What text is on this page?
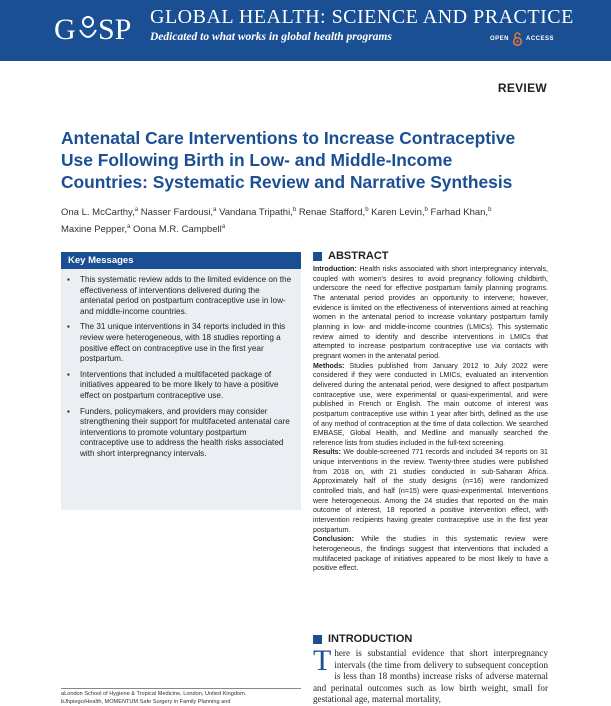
G SP GLOBAL HEALTH: SCIENCE AND PRACTICE
Dedicated to what works in global health programs	OPEN	ACCESS
REVIEW
Antenatal Care Interventions to Increase Contraceptive Use Following Birth in Low- and Middle-Income Countries: Systematic Review and Narrative Synthesis
Ona L. McCarthy,$^a$ Nasser Fardousi,$^a$ Vandana Tripathi,$^b$ Renae Stafford,$^b$ Karen Levin,$^b$ Farhad Khan,$^b$
Maxine Pepper,$^a$ Oona M.R. Campbell$^a$
Key Messages
▪ This systematic review adds to the limited evidence on the effectiveness of interventions delivered during the antenatal period on postpartum contraceptive use in low- and middle-income countries.
▪ The 31 unique interventions in 34 reports included in this review were heterogeneous, with 18 studies reporting a positive effect on contraceptive use in the first year postpartum.
▪ Interventions that included a multifaceted package of initiatives appeared to be more likely to have a positive effect on postpartum contraceptive use.
▪ Funders, policymakers, and providers may consider strengthening their support for multifaceted antenatal care interventions to promote voluntary postpartum contraceptive use to address the health risks associated with short interpregnancy intervals.
ABSTRACT

Introduction: Health risks associated with short interpregnancy intervals, coupled with women's desires to avoid pregnancy following childbirth, underscore the need for effective postpartum family planning programs. The antenatal period provides an opportunity to intervene; however, evidence is limited on the effectiveness of interventions aimed at reaching women in the antenatal period to increase voluntary postpartum family planning in low- and middle-income countries (LMICs). This systematic review aimed to identify and describe interventions in LMICs that attempted to increase postpartum contraceptive use via contacts with pregnant women in the antenatal period.

Methods: Studies published from January 2012 to July 2022 were considered if they were conducted in LMICs, evaluated an intervention delivered during the antenatal period, were designed to affect postpartum contraceptive use, were experimental or quasi-experimental, and were published in French or English. The main outcome of interest was postpartum contraceptive use within 1 year after birth, defined as the use of any method of contraception at the time of data collection. We searched EMBASE, Global Health, and Medline and manually searched the reference lists from studies included in the full-text screening.

Results: We double-screened 771 records and included 34 reports on 31 unique interventions in the review. Twenty-three studies were published from 2018 on, with 21 studies conducted in sub-Saharan Africa. Approximately half of the study designs (n=16) were randomized controlled trials, and half (n=15) were quasi-experimental. Interventions were heterogeneous. Among the 24 studies that reported on the main outcome of interest, 18 reported a positive intervention effect, with intervention recipients having greater contraceptive use in the first year postpartum.

Conclusion: While the studies in this systematic review were heterogeneous, the findings suggest that interventions that included a multifaceted package of initiatives appeared to be most likely to have a positive effect.

INTRODUCTION
There is substantial evidence that short interpregnancy intervals (the time from delivery to subsequent conception is less than 18 months) increase risks of adverse maternal and perinatal outcomes such as low birth weight, small for gestational age, maternal mortality,
aLondon School of Hygiene & Tropical Medicine, London, United Kingdom.
bJhpiego/Health, MOMENTUM Safe Surgery in Family Planning and
